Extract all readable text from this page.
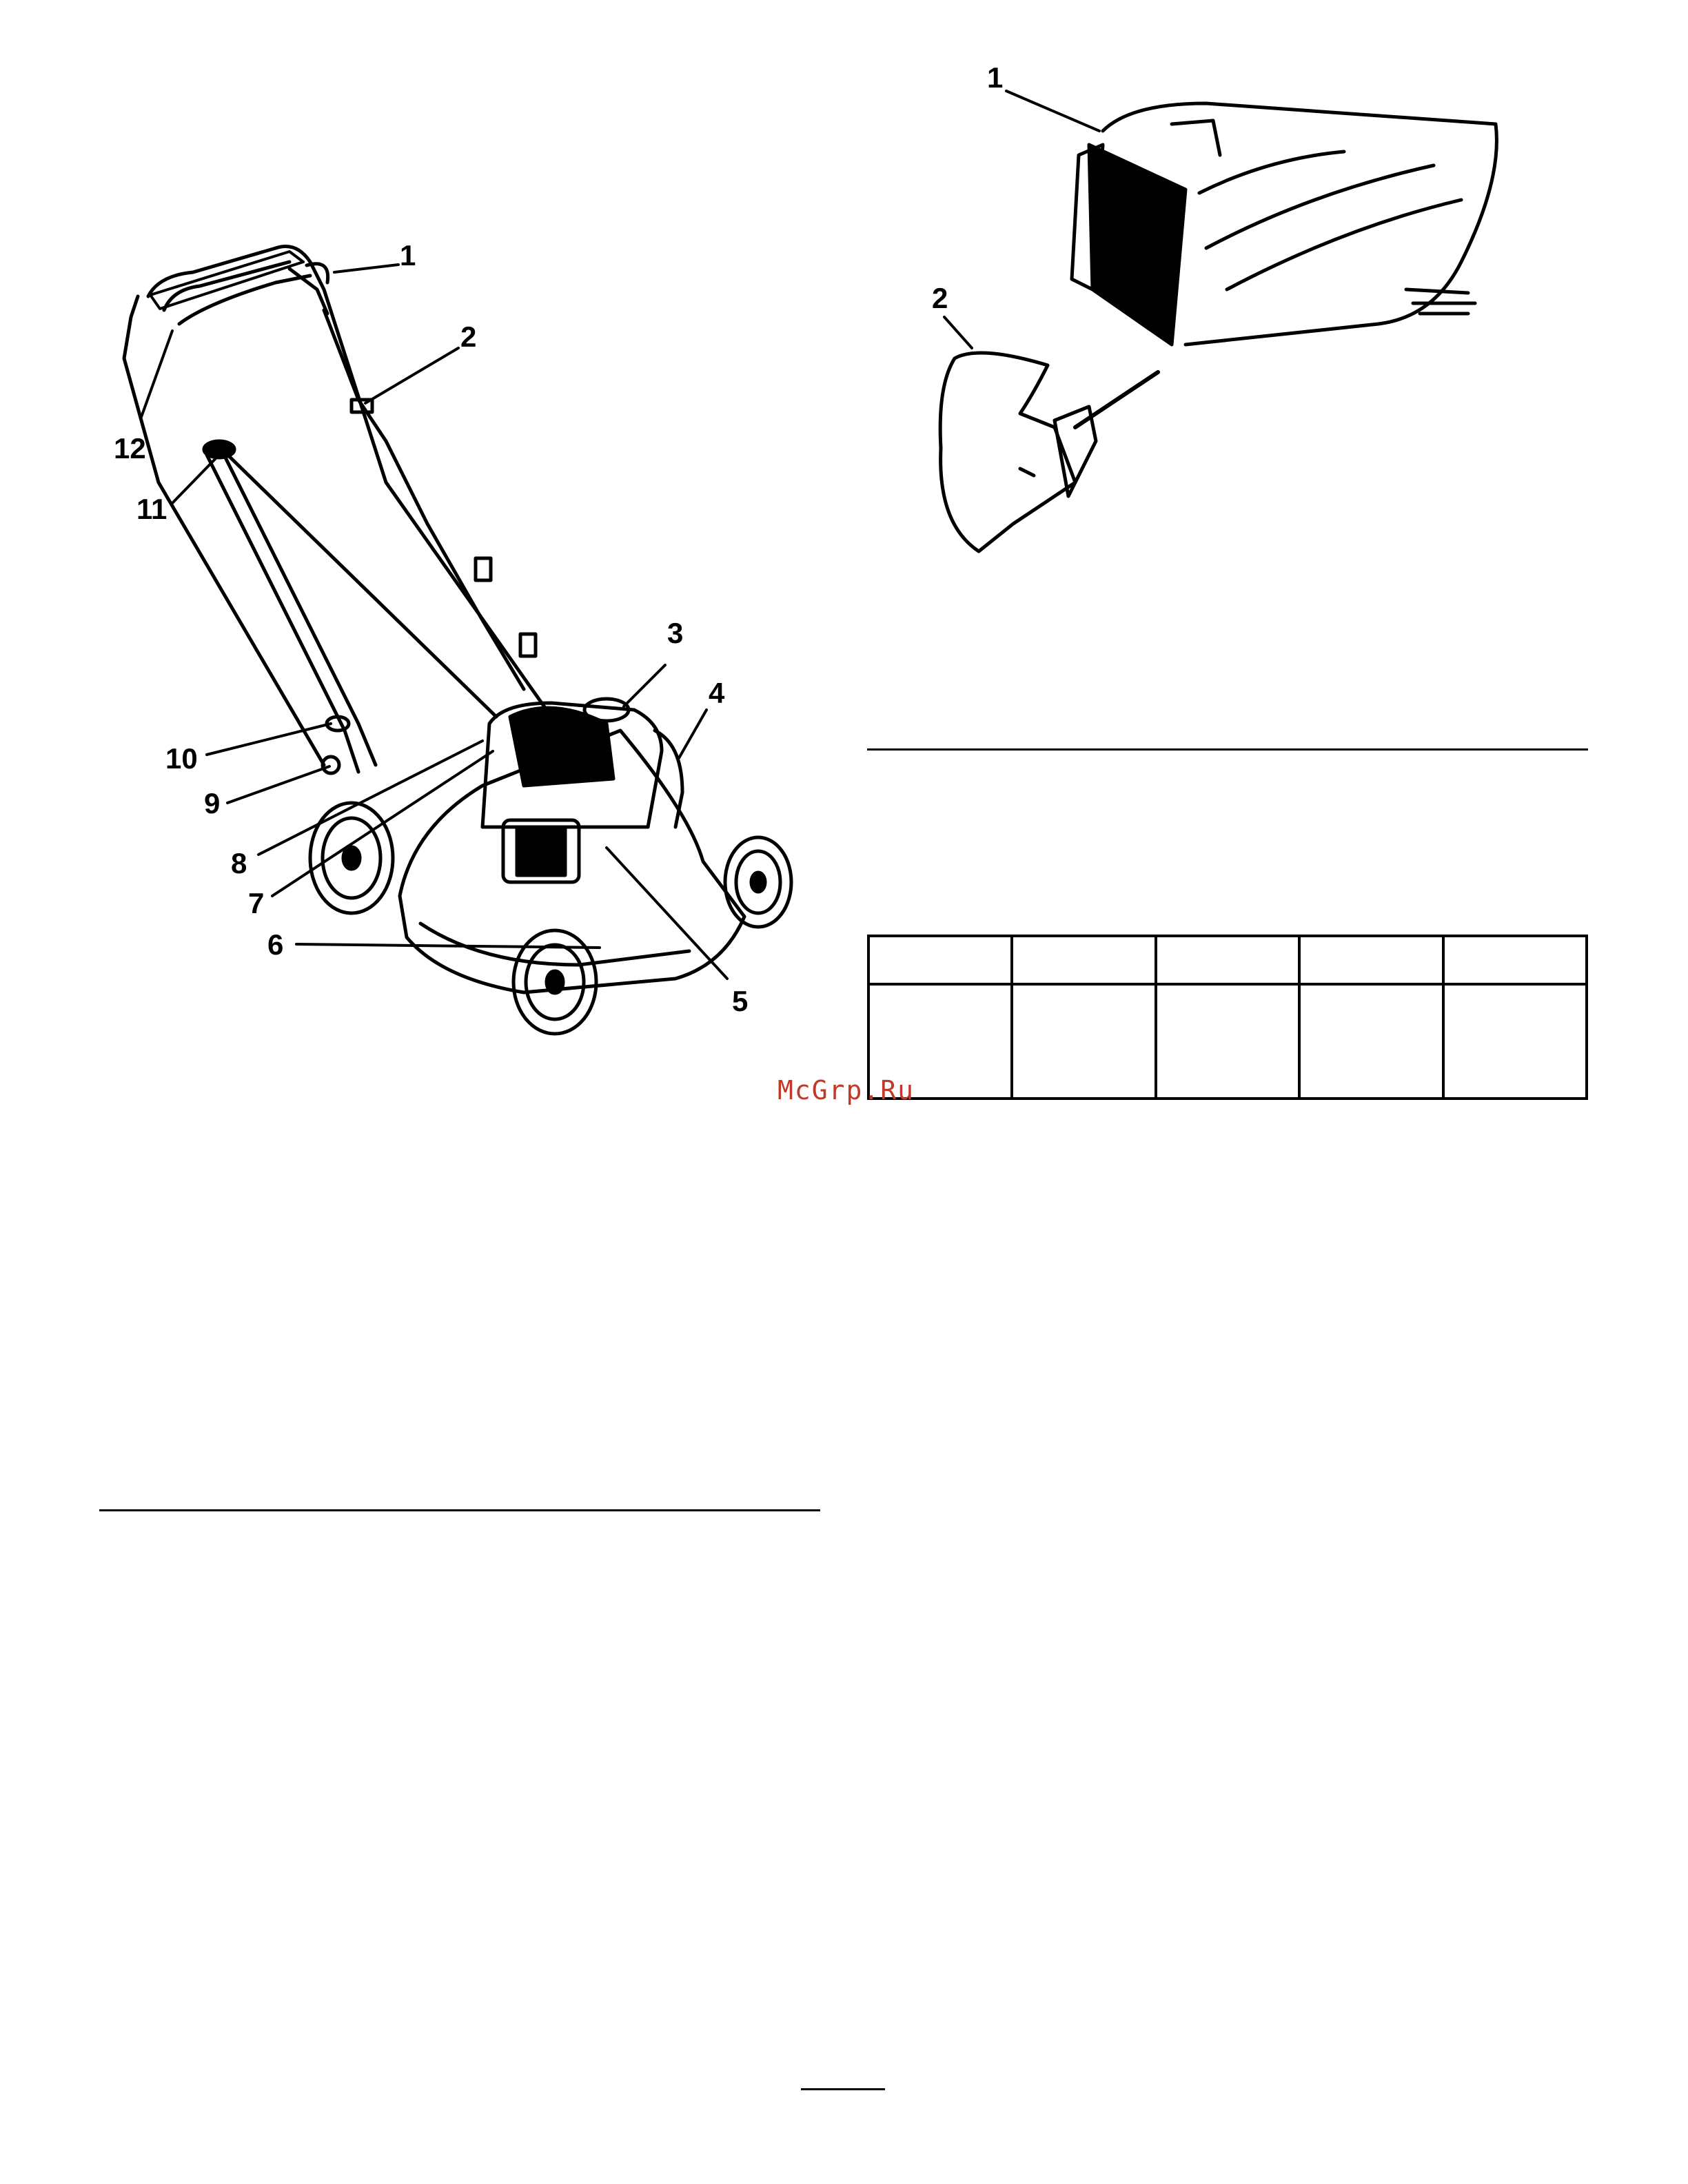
1
2
3
4
5
6
7
8
9
10
11
12
1
2

McGrp.Ru
